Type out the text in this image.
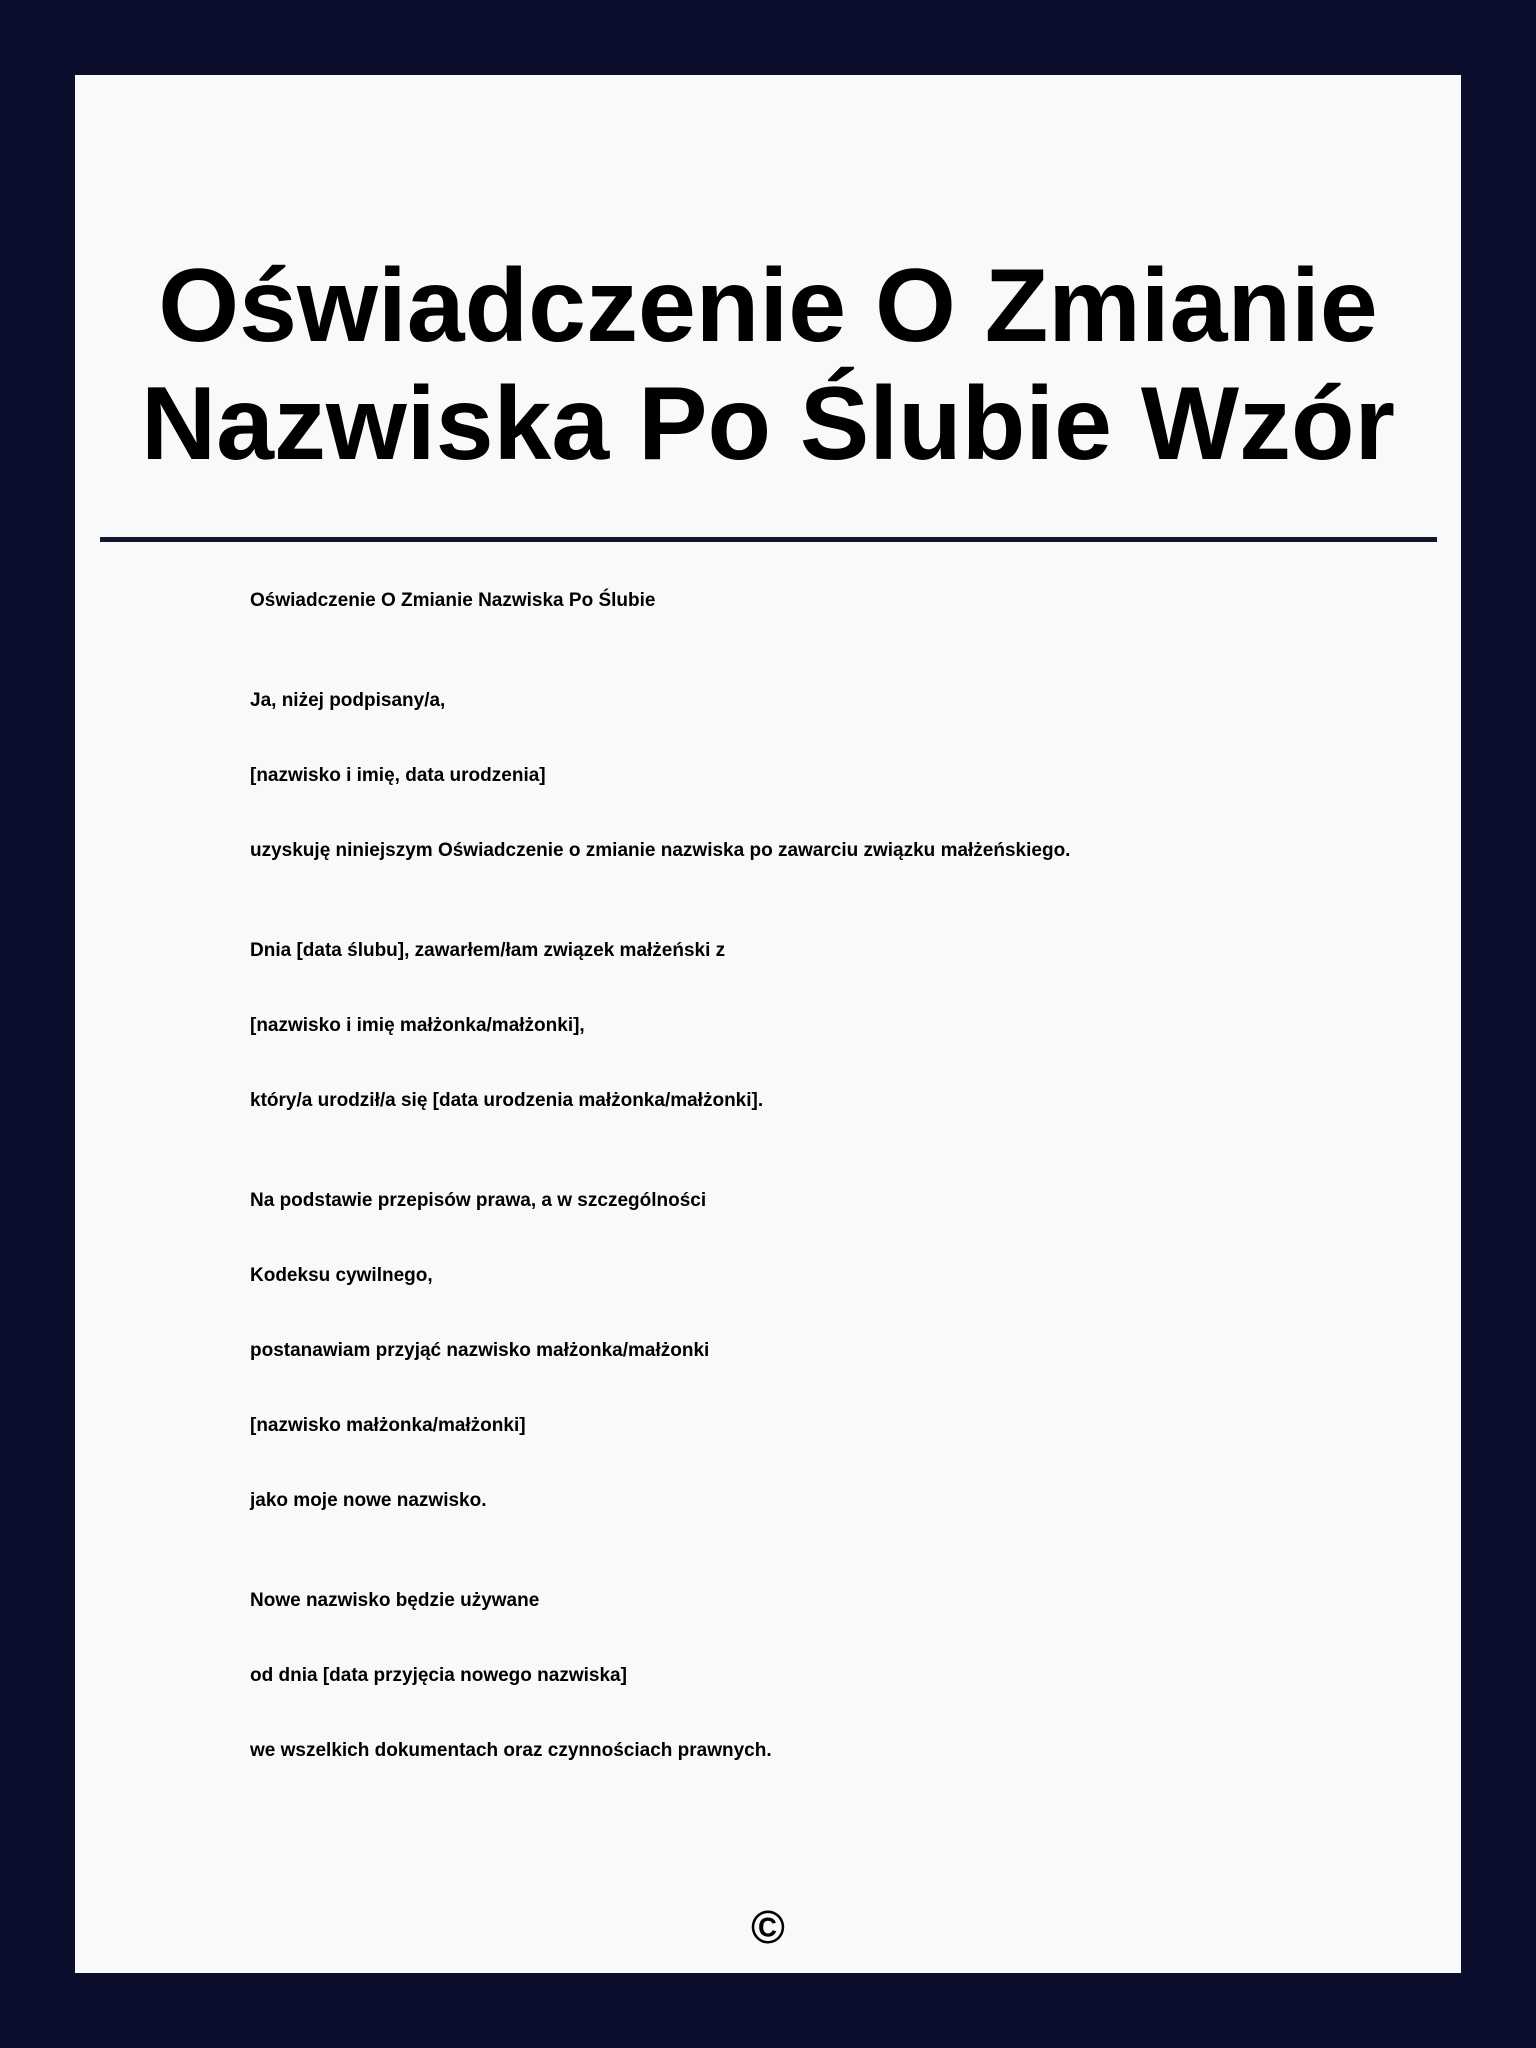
Oświadczenie O Zmianie
Nazwiska Po Ślubie Wzór
Oświadczenie O Zmianie Nazwiska Po Ślubie
Ja, niżej podpisany/a,
[nazwisko i imię, data urodzenia]
uzyskuję niniejszym Oświadczenie o zmianie nazwiska po zawarciu związku małżeńskiego.
Dnia [data ślubu], zawarłem/łam związek małżeński z
[nazwisko i imię małżonka/małżonki],
który/a urodził/a się [data urodzenia małżonka/małżonki].
Na podstawie przepisów prawa, a w szczególności
Kodeksu cywilnego,
postanawiam przyjąć nazwisko małżonka/małżonki
[nazwisko małżonka/małżonki]
jako moje nowe nazwisko.
Nowe nazwisko będzie używane
od dnia [data przyjęcia nowego nazwiska]
we wszelkich dokumentach oraz czynnościach prawnych.
©
